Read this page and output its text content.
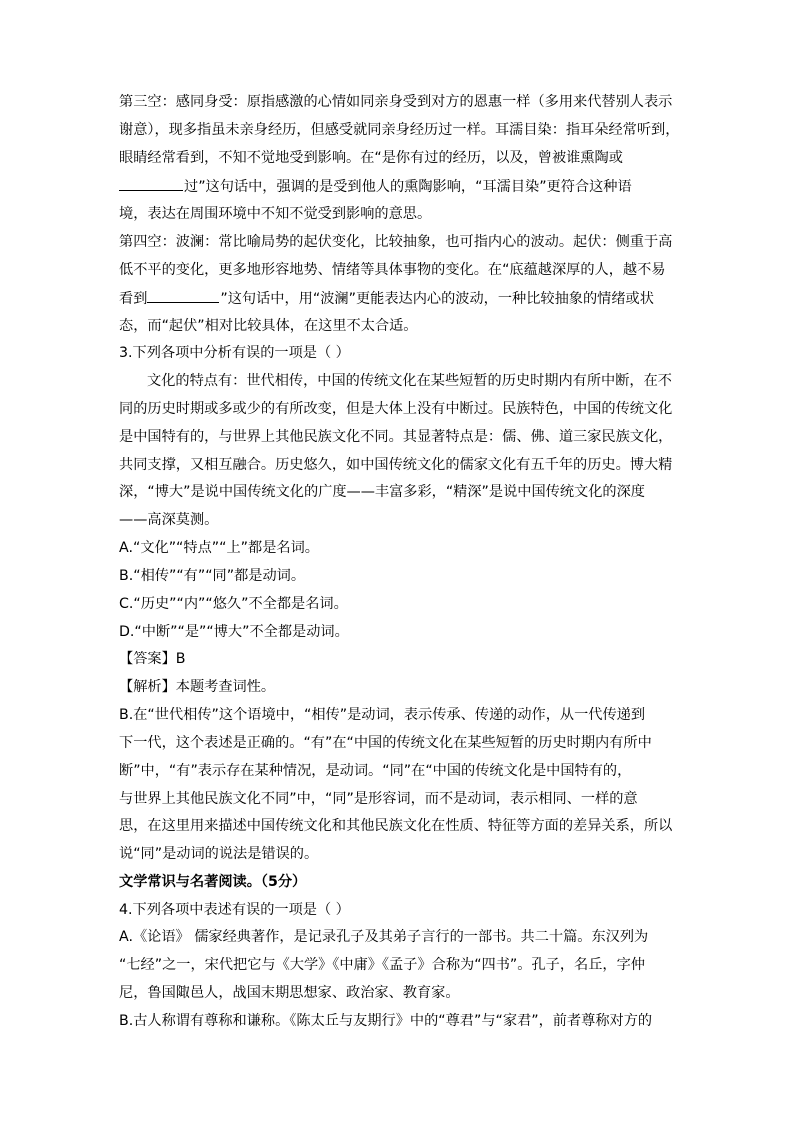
第三空：感同身受：原指感激的心情如同亲身受到对方的恩惠一样（多用来代替别人表示
谢意），现多指虽未亲身经历，但感受就同亲身经历过一样。耳濡目染：指耳朵经常听到，
眼睛经常看到，不知不觉地受到影响。在“是你有过的经历，以及，曾被谁熏陶或
过”这句话中，强调的是受到他人的熏陶影响，“耳濡目染”更符合这种语
境，表达在周围环境中不知不觉受到影响的意思。
第四空：波澜：常比喻局势的起伏变化，比较抽象，也可指内心的波动。起伏：侧重于高
低不平的变化，更多地形容地势、情绪等具体事物的变化。在“底蕴越深厚的人，越不易
看到	”这句话中，用“波澜”更能表达内心的波动，一种比较抽象的情绪或状
态，而“起伏”相对比较具体，在这里不太合适。
3.下列各项中分析有误的一项是（ ）
文化的特点有：世代相传，中国的传统文化在某些短暂的历史时期内有所中断，在不
同的历史时期或多或少的有所改变，但是大体上没有中断过。民族特色，中国的传统文化
是中国特有的，与世界上其他民族文化不同。其显著特点是：儒、佛、道三家民族文化，
共同支撑，又相互融合。历史悠久，如中国传统文化的儒家文化有五千年的历史。博大精
深，“博大”是说中国传统文化的广度——丰富多彩，“精深”是说中国传统文化的深度
——高深莫测。
A.“文化”“特点”“上”都是名词。
B.“相传”“有”“同”都是动词。
C.“历史”“内”“悠久”不全都是名词。
D.“中断”“是”“博大”不全都是动词。
【答案】B
【解析】本题考查词性。
B.在“世代相传”这个语境中，“相传”是动词，表示传承、传递的动作，从一代传递到
下一代，这个表述是正确的。“有”在“中国的传统文化在某些短暂的历史时期内有所中
断”中，“有”表示存在某种情况，是动词。“同”在“中国的传统文化是中国特有的，
与世界上其他民族文化不同”中，“同”是形容词，而不是动词，表示相同、一样的意
思，在这里用来描述中国传统文化和其他民族文化在性质、特征等方面的差异关系，所以
说“同”是动词的说法是错误的。
文学常识与名著阅读。（5分）
4.下列各项中表述有误的一项是（ ）
A.《论语》 儒家经典著作，是记录孔子及其弟子言行的一部书。共二十篇。东汉列为
“七经”之一，宋代把它与《大学》《中庸》《孟子》合称为“四书”。孔子，名丘，字仲
尼，鲁国陬邑人，战国末期思想家、政治家、教育家。
B.古人称谓有尊称和谦称。《陈太丘与友期行》中的“尊君”与“家君”，前者尊称对方的
